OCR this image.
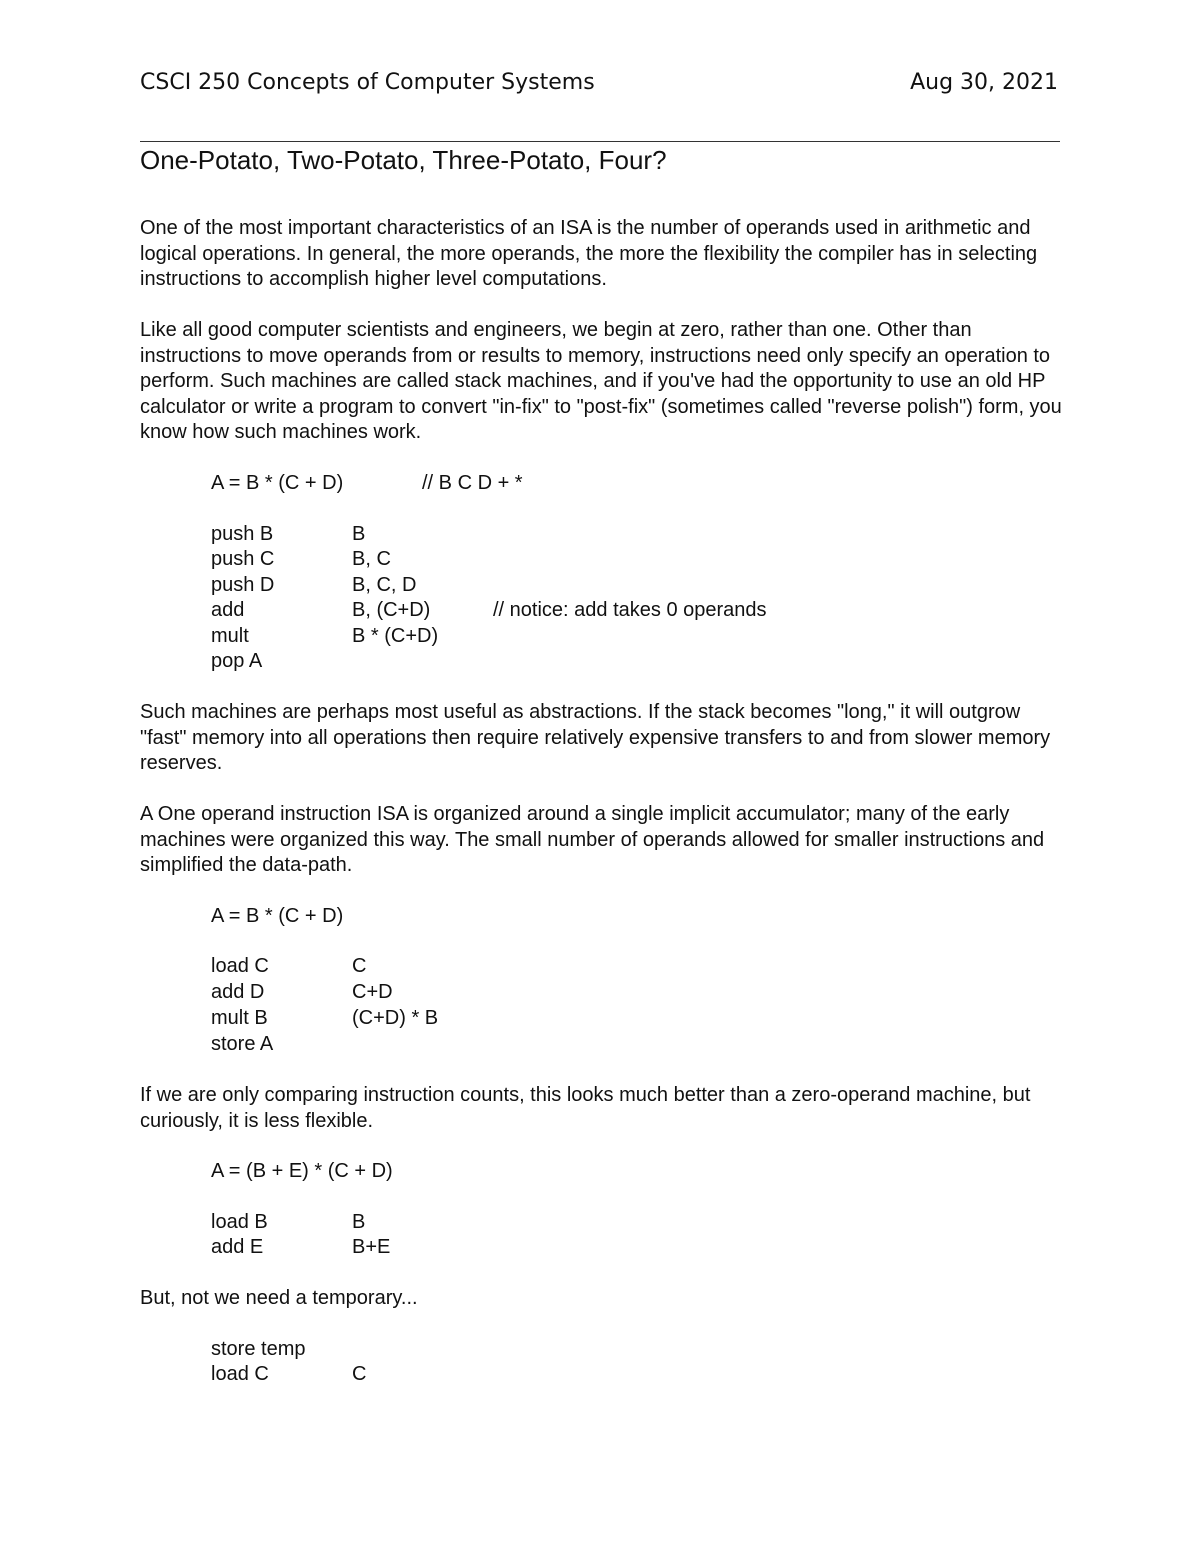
CSCI 250 Concepts of Computer Systems	Aug 30, 2021
One-Potato, Two-Potato, Three-Potato, Four?

One of the most important characteristics of an ISA is the number of operands used in arithmetic and logical operations. In general, the more operands, the more the flexibility the compiler has in selecting instructions to accomplish higher level computations.

Like all good computer scientists and engineers, we begin at zero, rather than one. Other than instructions to move operands from or results to memory, instructions need only specify an operation to perform. Such machines are called stack machines, and if you've had the opportunity to use an old HP calculator or write a program to convert "in-fix" to "post-fix" (sometimes called "reverse polish") form, you know how such machines work.

A = B * (C + D)	// B C D + *
push B	B
push C	B, C
push D	B, C, D
add	B, (C+D)	// notice: add takes 0 operands
mult	B * (C+D)
pop A

Such machines are perhaps most useful as abstractions. If the stack becomes "long," it will outgrow "fast" memory into all operations then require relatively expensive transfers to and from slower memory reserves.

A One operand instruction ISA is organized around a single implicit accumulator; many of the early machines were organized this way. The small number of operands allowed for smaller instructions and simplified the data-path.

A = B * (C + D)
load C	C
add D	C+D
mult B	(C+D) * B
store A

If we are only comparing instruction counts, this looks much better than a zero-operand machine, but curiously, it is less flexible.

A = (B + E) * (C + D)
load B	B
add E	B+E

But, not we need a temporary...

store temp
load C	C
